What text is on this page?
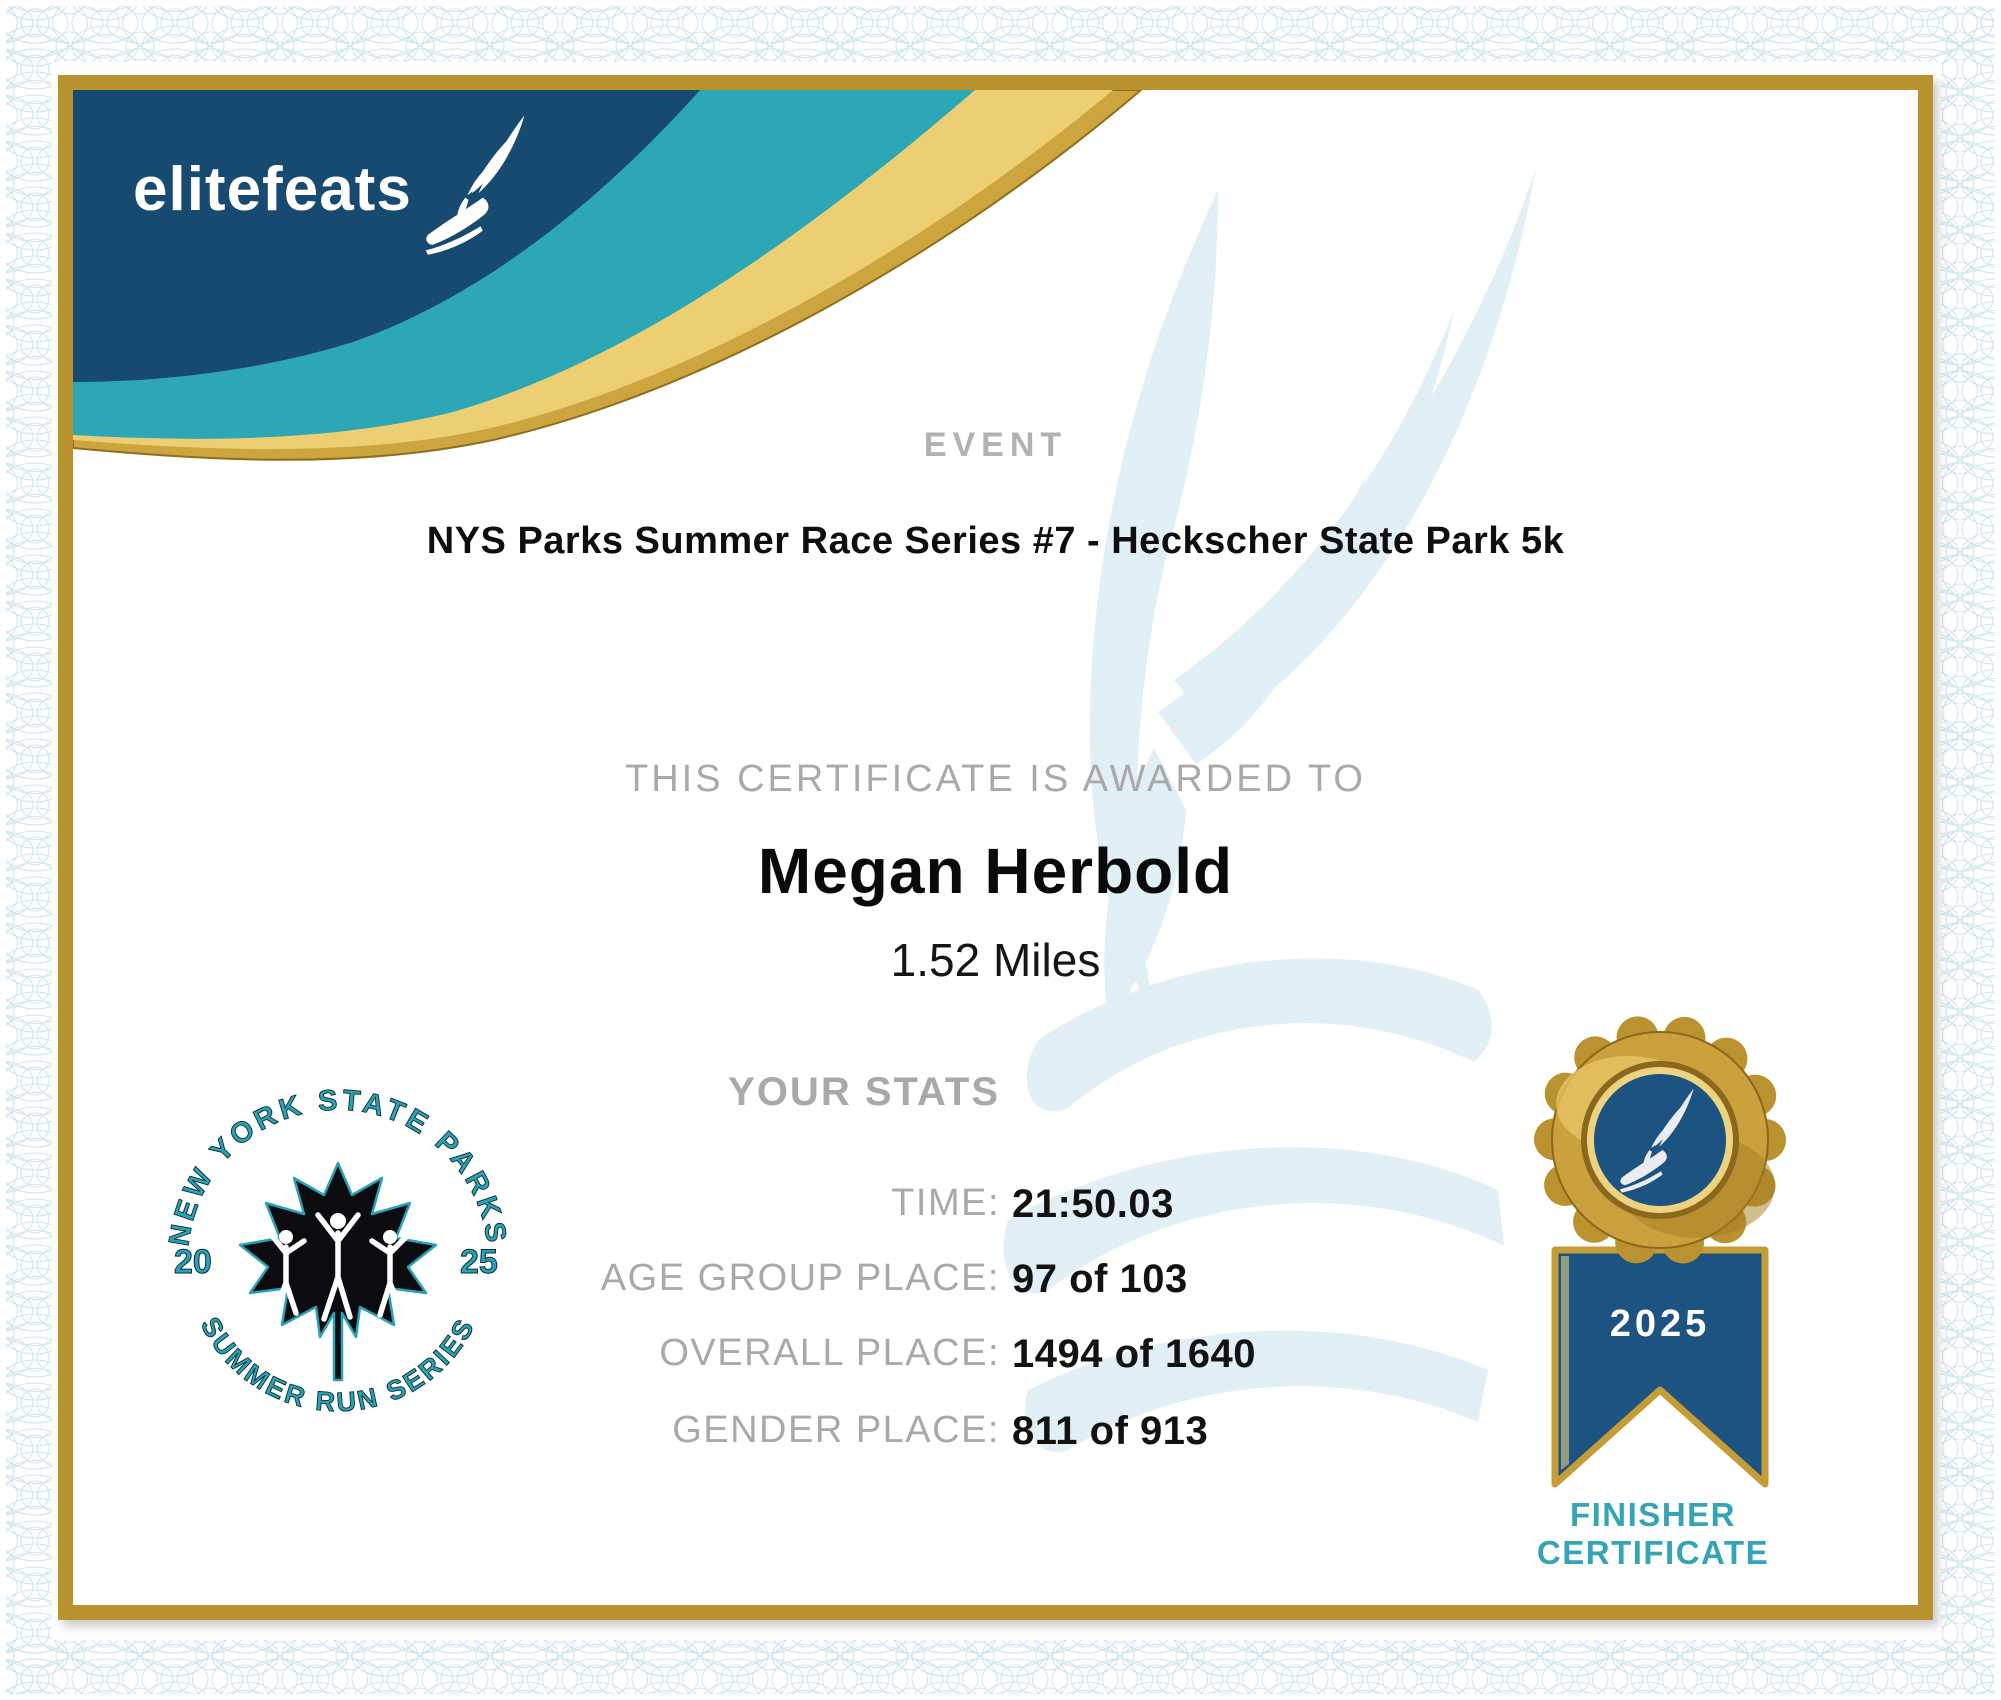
elitefeats
EVENT
NYS Parks Summer Race Series #7 - Heckscher State Park 5k
THIS CERTIFICATE IS AWARDED TO
Megan Herbold
1.52 Miles
YOUR STATS
TIME: 21:50.03
AGE GROUP PLACE: 97 of 103
OVERALL PLACE: 1494 of 1640
GENDER PLACE: 811 of 913
NEW YORK STATE PARKS
SUMMER RUN SERIES
20	25
2025
FINISHER
CERTIFICATE
